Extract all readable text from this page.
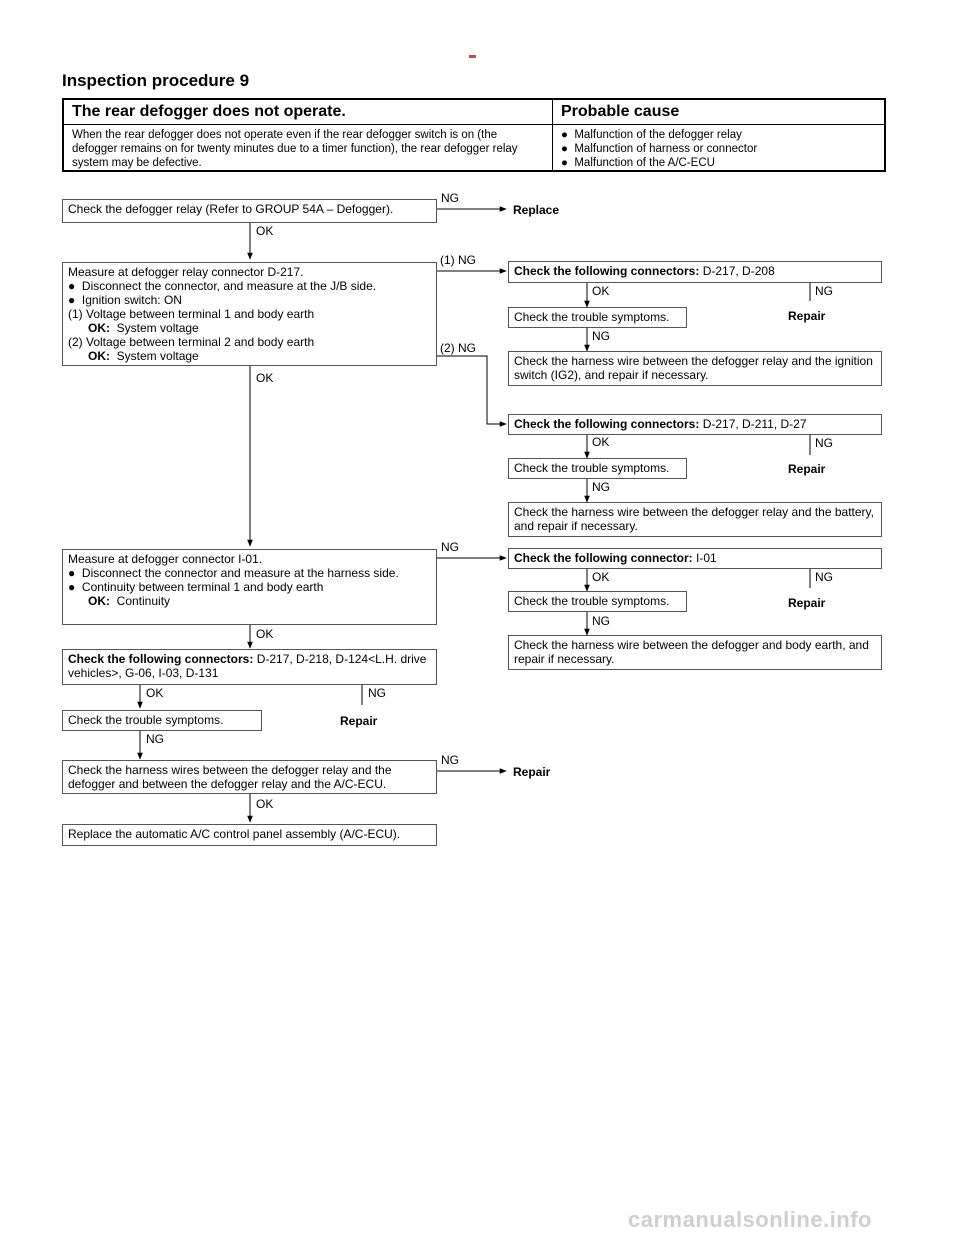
Inspection procedure 9
The rear defogger does not operate.	Probable cause
When the rear defogger does not operate even if the rear defogger switch is on (the defogger remains on for twenty minutes due to a timer function), the rear defogger relay system may be defective.
● Malfunction of the defogger relay
● Malfunction of harness or connector
● Malfunction of the A/C-ECU
Check the defogger relay (Refer to GROUP 54A – Defogger).
NG
Replace
OK
Measure at defogger relay connector D-217.
● Disconnect the connector, and measure at the J/B side.
● Ignition switch: ON
(1) Voltage between terminal 1 and body earth
OK: System voltage
(2) Voltage between terminal 2 and body earth
OK: System voltage
(1) NG
(2) NG
OK
Check the following connectors: D-217, D-208
OK	NG
Check the trouble symptoms.	Repair
NG
Check the harness wire between the defogger relay and the ignition switch (IG2), and repair if necessary.
Check the following connectors: D-217, D-211, D-27
OK	NG
Check the trouble symptoms.	Repair
NG
Check the harness wire between the defogger relay and the battery, and repair if necessary.
Measure at defogger connector I-01.
● Disconnect the connector and measure at the harness side.
● Continuity between terminal 1 and body earth
OK: Continuity
NG
OK
Check the following connector: I-01
OK	NG
Check the trouble symptoms.	Repair
NG
Check the harness wire between the defogger and body earth, and repair if necessary.
Check the following connectors: D-217, D-218, D-124<L.H. drive vehicles>, G-06, I-03, D-131
OK	NG
Check the trouble symptoms.	Repair
NG
Check the harness wires between the defogger relay and the defogger and between the defogger relay and the A/C-ECU.
NG
Repair
OK
Replace the automatic A/C control panel assembly (A/C-ECU).
carmanualsonline.info
